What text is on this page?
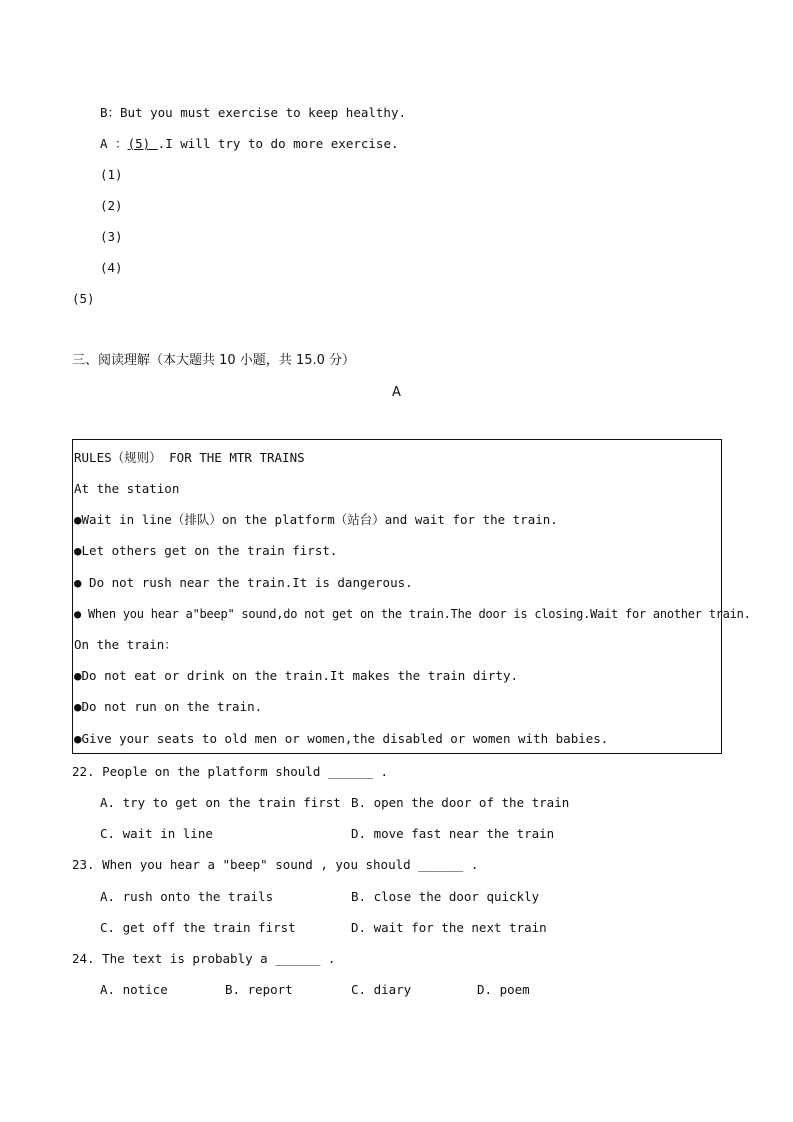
B：But you must exercise to keep healthy.
A ：(5) .I will try to do more exercise.
(1)
(2)
(3)
(4)
(5)
三、阅读理解（本大题共 10 小题，共 15.0 分）
A
RULES（规则） FOR THE MTR TRAINS
At the station
●Wait in line（排队）on the platform（站台）and wait for the train.
●Let others get on the train first.
● Do not rush near the train.It is dangerous.
● When you hear a"beep" sound,do not get on the train.The door is closing.Wait for another train.
On the train：
●Do not eat or drink on the train.It makes the train dirty.
●Do not run on the train.
●Give your seats to old men or women,the disabled or women with babies.
22. People on the platform should ______ .
A. try to get on the train first B. open the door of the train
C. wait in line	D. move fast near the train
23. When you hear a "beep" sound , you should ______ .
A. rush onto the trails	B. close the door quickly
C. get off the train first	D. wait for the next train
24. The text is probably a ______ .
A. notice	B. report	C. diary	D. poem
